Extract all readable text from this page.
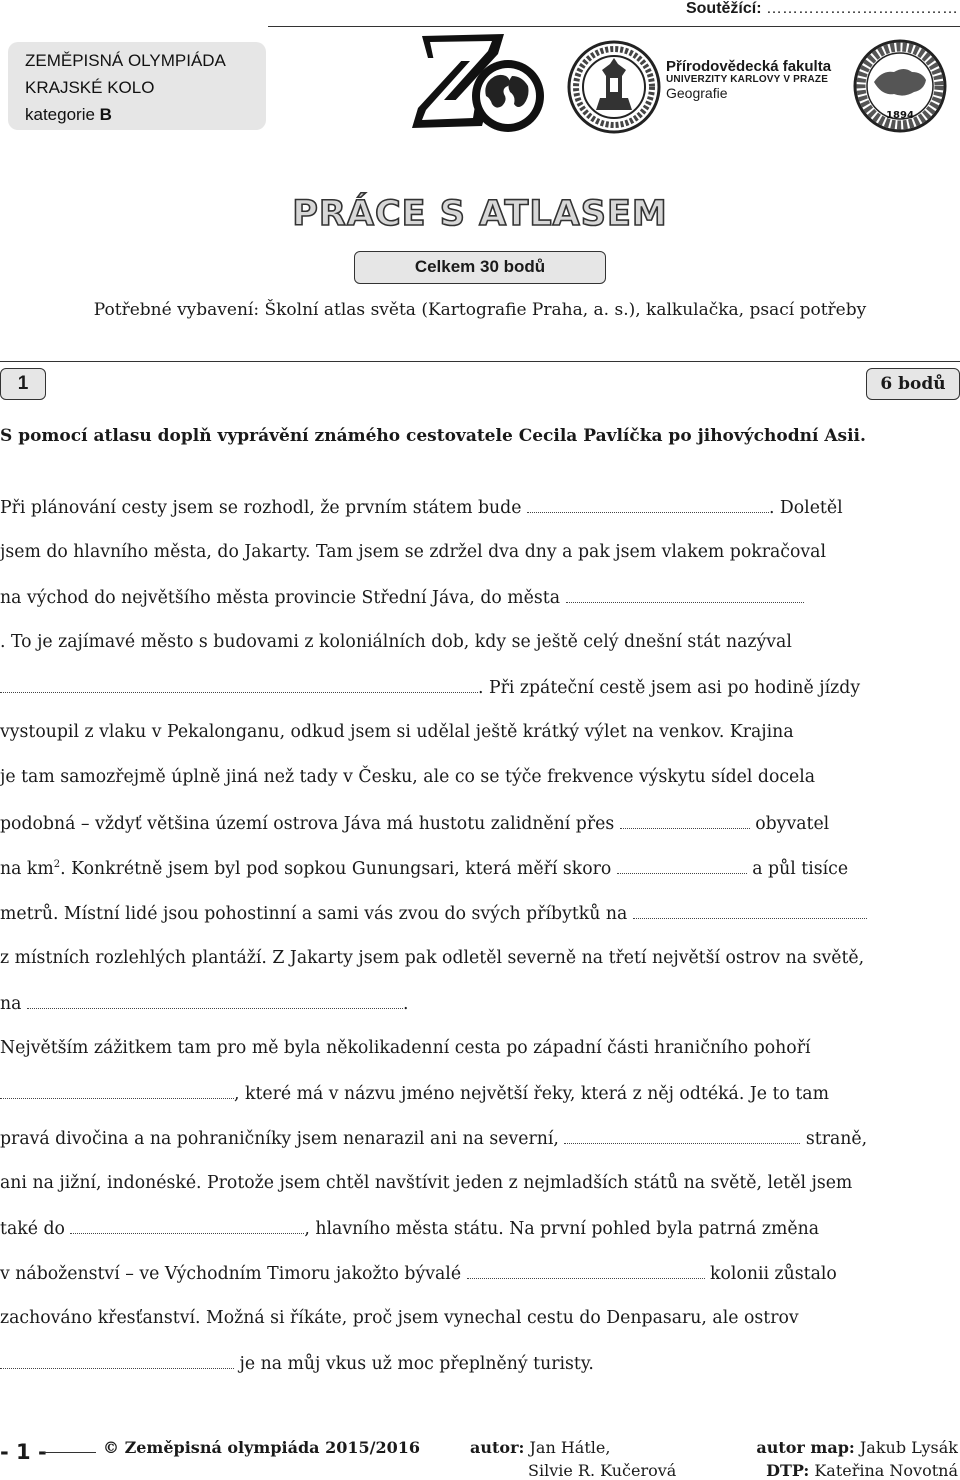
Soutěžící: ………………………………
ZEMĚPISNÁ OLYMPIÁDA
KRAJSKÉ KOLO
kategorie B
Přírodovědecká fakulta
UNIVERZITY KARLOVY V PRAZE
Geografie
1894
PRÁCE S ATLASEM
Celkem 30 bodů
Potřebné vybavení: Školní atlas světa (Kartografie Praha, a. s.), kalkulačka, psací potřeby
1	6 bodů
S pomocí atlasu doplň vyprávění známého cestovatele Cecila Pavlíčka po jihovýchodní Asii.
Při plánování cesty jsem se rozhodl, že prvním státem bude	. Doletěl
jsem do hlavního města, do Jakarty. Tam jsem se zdržel dva dny a pak jsem vlakem pokračoval
na východ do největšího města provincie Střední Jáva, do města
. To je zajímavé město s budovami z koloniálních dob, kdy se ještě celý dnešní stát nazýval
. Při zpáteční cestě jsem asi po hodině jízdy
vystoupil z vlaku v Pekalonganu, odkud jsem si udělal ještě krátký výlet na venkov. Krajina
je tam samozřejmě úplně jiná než tady v Česku, ale co se týče frekvence výskytu sídel docela
podobná – vždyť většina území ostrova Jáva má hustotu zalidnění přes	obyvatel
na $km^2$. Konkrétně jsem byl pod sopkou Gunungsari, která měří skoro	a půl tisíce
metrů. Místní lidé jsou pohostinní a sami vás zvou do svých příbytků na
z místních rozlehlých plantáží. Z Jakarty jsem pak odletěl severně na třetí největší ostrov na světě,
na	.
Největším zážitkem tam pro mě byla několikadenní cesta po západní části hraničního pohoří
, které má v názvu jméno největší řeky, která z něj odtéká. Je to tam
pravá divočina a na pohraničníky jsem nenarazil ani na severní,	straně,
ani na jižní, indonéské. Protože jsem chtěl navštívit jeden z nejmladších států na světě, letěl jsem
také do	, hlavního města státu. Na první pohled byla patrná změna
v náboženství – ve Východním Timoru jakožto bývalé	kolonii zůstalo
zachováno křesťanství. Možná si říkáte, proč jsem vynechal cestu do Denpasaru, ale ostrov
je na můj vkus už moc přeplněný turisty.
- 1 -	© Zeměpisná olympiáda 2015/2016	autor: Jan Hátle,
Silvie R. Kučerová
autor map: Jakub Lysák
DTP: Kateřina Novotná
